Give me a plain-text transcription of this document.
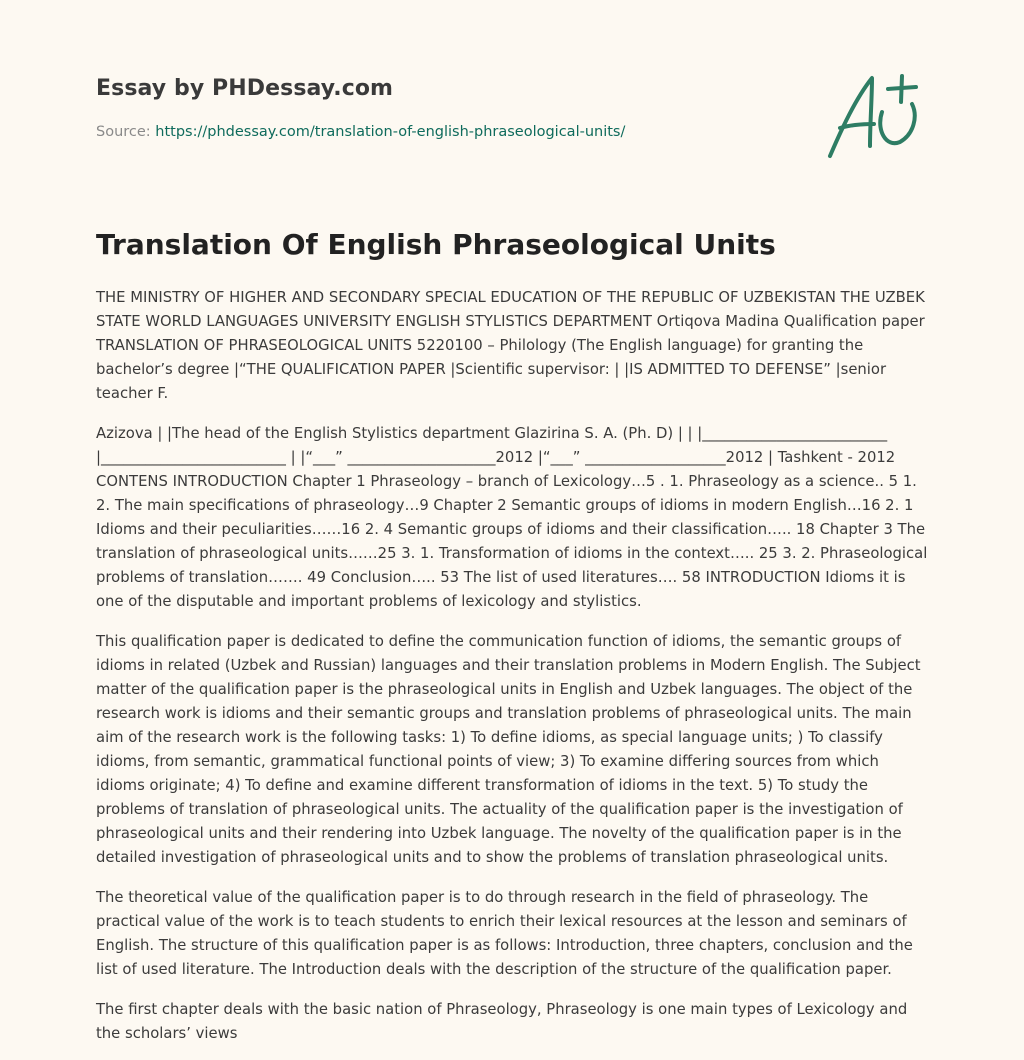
Essay by PHDessay.com
Source: https://phdessay.com/translation-of-english-phraseological-units/
Translation Of English Phraseological Units

THE MINISTRY OF HIGHER AND SECONDARY SPECIAL EDUCATION OF THE REPUBLIC OF UZBEKISTAN THE UZBEK STATE WORLD LANGUAGES UNIVERSITY ENGLISH STYLISTICS DEPARTMENT Ortiqova Madina Qualification paper TRANSLATION OF PHRASEOLOGICAL UNITS 5220100 – Philology (The English language) for granting the bachelor’s degree |“THE QUALIFICATION PAPER |Scientific supervisor: | |IS ADMITTED TO DEFENSE” |senior teacher F.

Azizova | |The head of the English Stylistics department Glazirina S. A. (Ph. D) | | |_________________________ |_________________________ | |“___” ____________________2012 |“___” ___________________2012 | Tashkent - 2012 CONTENS INTRODUCTION Chapter 1 Phraseology – branch of Lexicology…5 . 1. Phraseology as a science.. 5 1. 2. The main specifications of phraseology…9 Chapter 2 Semantic groups of idioms in modern English…16 2. 1 Idioms and their peculiarities……16 2. 4 Semantic groups of idioms and their classification….. 18 Chapter 3 The translation of phraseological units……25 3. 1. Transformation of idioms in the context….. 25 3. 2. Phraseological problems of translation……. 49 Conclusion….. 53 The list of used literatures…. 58 INTRODUCTION Idioms it is one of the disputable and important problems of lexicology and stylistics.

This qualification paper is dedicated to define the communication function of idioms, the semantic groups of idioms in related (Uzbek and Russian) languages and their translation problems in Modern English. The Subject matter of the qualification paper is the phraseological units in English and Uzbek languages. The object of the research work is idioms and their semantic groups and translation problems of phraseological units. The main aim of the research work is the following tasks: 1) To define idioms, as special language units; ) To classify idioms, from semantic, grammatical functional points of view; 3) To examine differing sources from which idioms originate; 4) To define and examine different transformation of idioms in the text. 5) To study the problems of translation of phraseological units. The actuality of the qualification paper is the investigation of phraseological units and their rendering into Uzbek language. The novelty of the qualification paper is in the detailed investigation of phraseological units and to show the problems of translation phraseological units.

The theoretical value of the qualification paper is to do through research in the field of phraseology. The practical value of the work is to teach students to enrich their lexical resources at the lesson and seminars of English. The structure of this qualification paper is as follows: Introduction, three chapters, conclusion and the list of used literature. The Introduction deals with the description of the structure of the qualification paper.

The first chapter deals with the basic nation of Phraseology, Phraseology is one main types of Lexicology and the scholars’ views
